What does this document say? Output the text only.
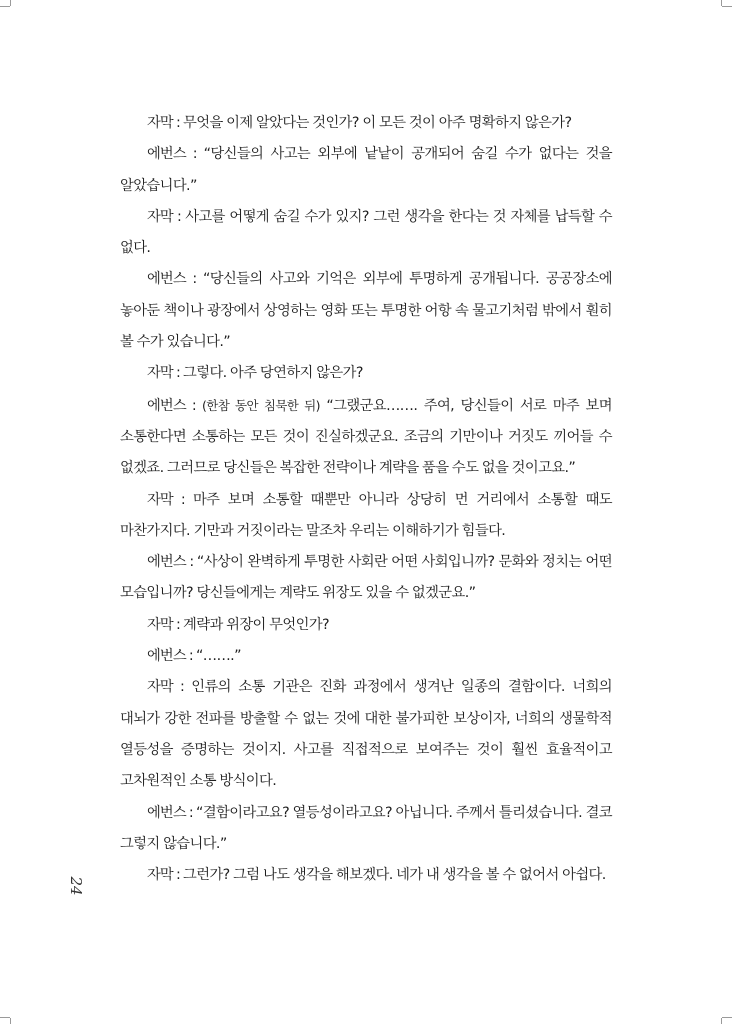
자막 : 무엇을 이제 알았다는 것인가? 이 모든 것이 아주 명확하지 않은가?

에번스 : “당신들의 사고는 외부에 낱낱이 공개되어 숨길 수가 없다는 것을 알았습니다.”

자막 : 사고를 어떻게 숨길 수가 있지? 그런 생각을 한다는 것 자체를 납득할 수 없다.

에번스 : “당신들의 사고와 기억은 외부에 투명하게 공개됩니다. 공공장소에 놓아둔 책이나 광장에서 상영하는 영화 또는 투명한 어항 속 물고기처럼 밖에서 훤히 볼 수가 있습니다.”

자막 : 그렇다. 아주 당연하지 않은가?

에번스 : (한참 동안 침묵한 뒤) “그랬군요……. 주여, 당신들이 서로 마주 보며 소통한다면 소통하는 모든 것이 진실하겠군요. 조금의 기만이나 거짓도 끼어들 수 없겠죠. 그러므로 당신들은 복잡한 전략이나 계략을 품을 수도 없을 것이고요.”

자막 : 마주 보며 소통할 때뿐만 아니라 상당히 먼 거리에서 소통할 때도 마찬가지다. 기만과 거짓이라는 말조차 우리는 이해하기가 힘들다.

에번스 : “사상이 완벽하게 투명한 사회란 어떤 사회입니까? 문화와 정치는 어떤 모습입니까? 당신들에게는 계략도 위장도 있을 수 없겠군요.”

자막 : 계략과 위장이 무엇인가?

에번스 : “…….”

자막 : 인류의 소통 기관은 진화 과정에서 생겨난 일종의 결함이다. 너희의 대뇌가 강한 전파를 방출할 수 없는 것에 대한 불가피한 보상이자, 너희의 생물학적 열등성을 증명하는 것이지. 사고를 직접적으로 보여주는 것이 훨씬 효율적이고 고차원적인 소통 방식이다.

에번스 : “결함이라고요? 열등성이라고요? 아닙니다. 주께서 틀리셨습니다. 결코 그렇지 않습니다.”

자막 : 그런가? 그럼 나도 생각을 해보겠다. 네가 내 생각을 볼 수 없어서 아쉽다.

24
